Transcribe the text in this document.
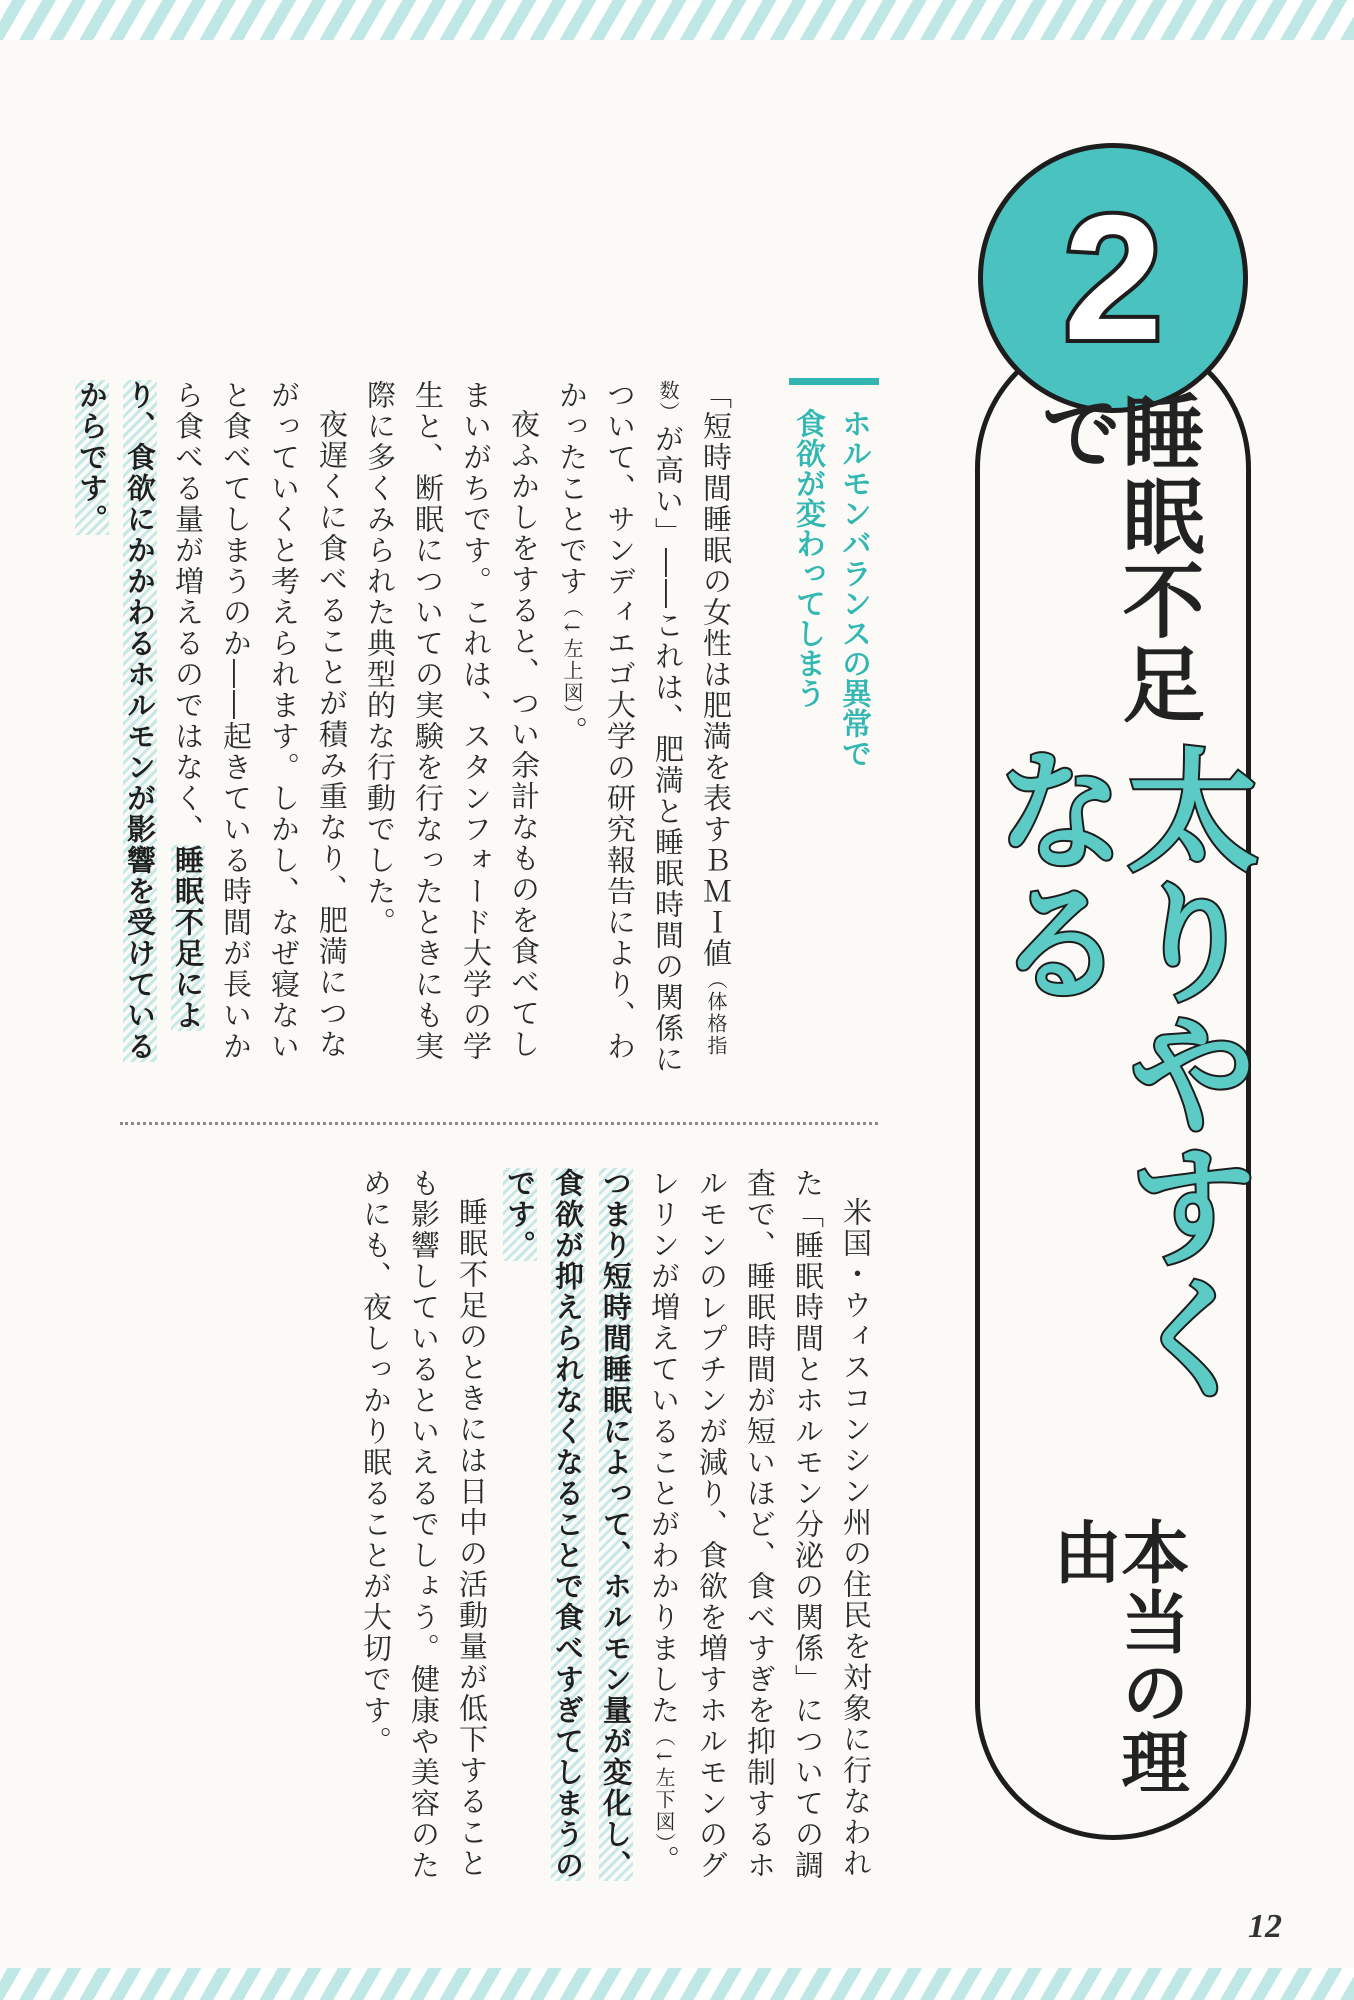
2
睡眠不足で
太りやすくなる
本当の理由
ホルモンバランスの異常で
食欲が変わってしまう

「短時間睡眠の女性は肥満を表すＢＭＩ値（体格指数）が高い」――これは、肥満と睡眠時間の関係について、サンディエゴ大学の研究報告により、わかったことです（↓左上図）。

夜ふかしをすると、つい余計なものを食べてしまいがちです。これは、スタンフォード大学の学生と、断眠についての実験を行なったときにも実際に多くみられた典型的な行動でした。

夜遅くに食べることが積み重なり、肥満につながっていくと考えられます。しかし、なぜ寝ないと食べてしまうのか――起きている時間が長いから食べる量が増えるのではなく、睡眠不足により、食欲にかかわるホルモンが影響を受けているからです。

米国・ウィスコンシン州の住民を対象に行なわれた「睡眠時間とホルモン分泌の関係」についての調査で、睡眠時間が短いほど、食べすぎを抑制するホルモンのレプチンが減り、食欲を増すホルモンのグレリンが増えていることがわかりました（↓左下図）。

つまり短時間睡眠によって、ホルモン量が変化し、食欲が抑えられなくなることで食べすぎてしまうのです。

睡眠不足のときには日中の活動量が低下することも影響しているといえるでしょう。健康や美容のためにも、夜しっかり眠ることが大切です。

12
